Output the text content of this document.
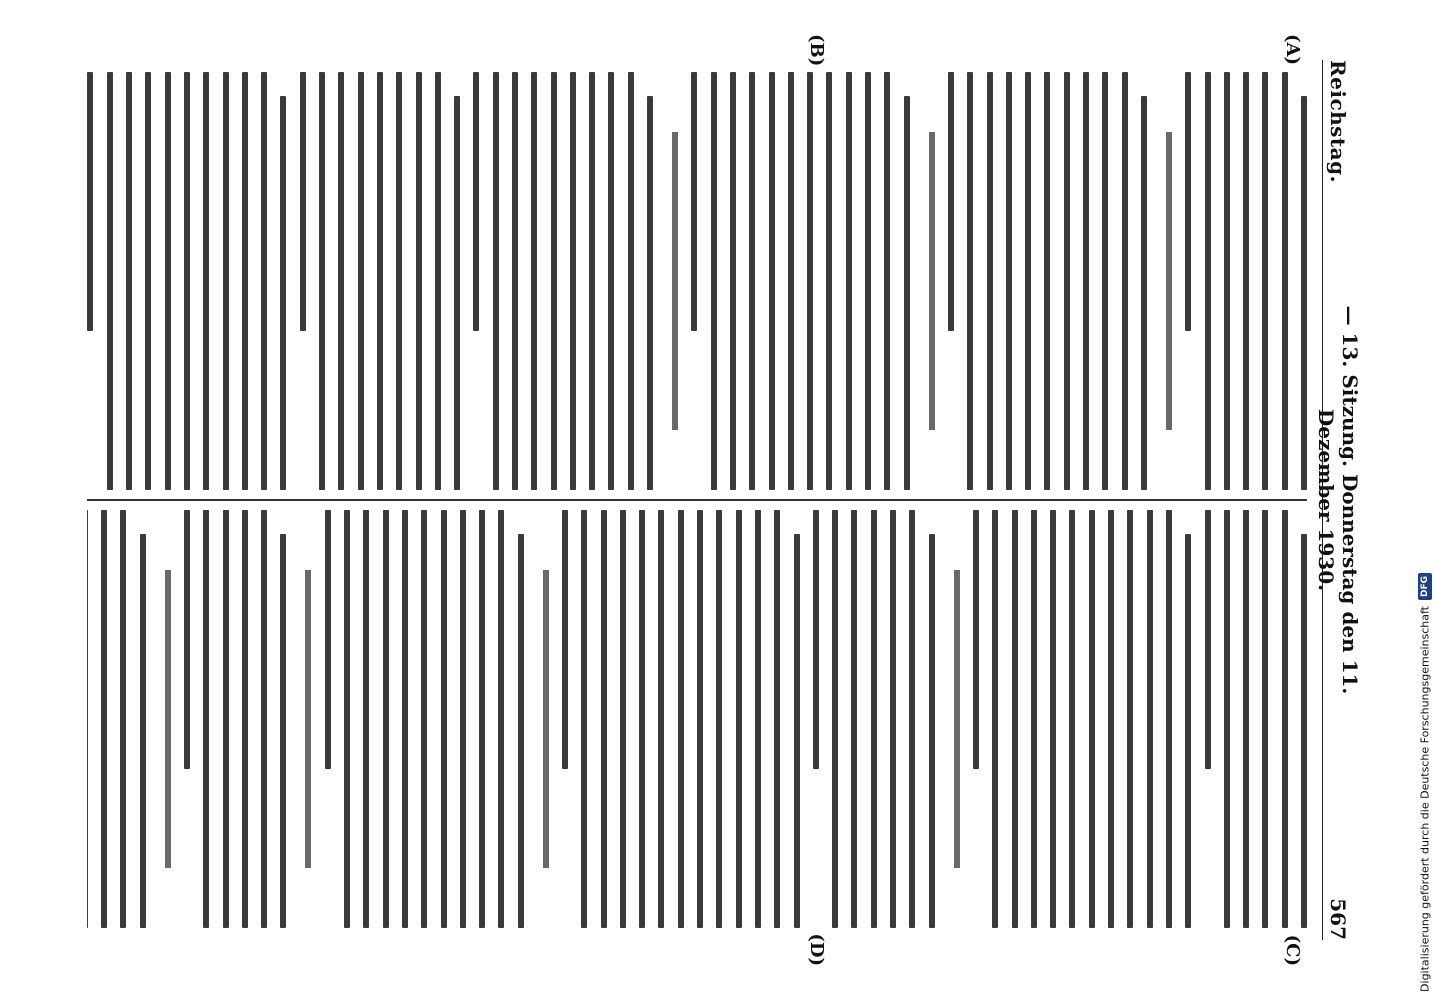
Reichstag.
— 13. Sitzung. Donnerstag den 11. Dezember 1930.
567
(A)
(B)
(C)
(D)	Digitalisierung gefördert durch die Deutsche Forschungsgemeinschaft
DFG
